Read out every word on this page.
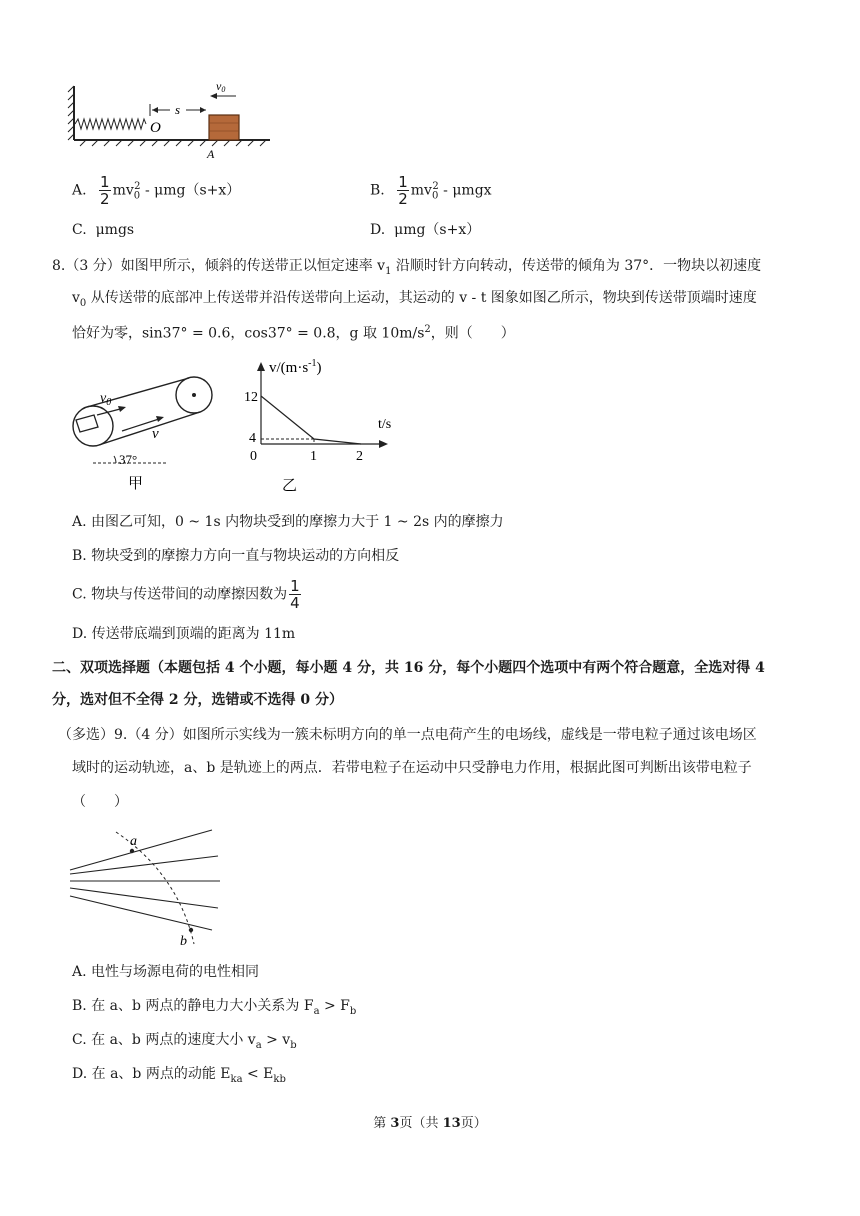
s
O
v0
A
A. $\frac{1}{2} mv_0^2 - \mu mg(s+x)$	B. $\frac{1}{2} mv_0^2$ - μmgx
C. μmgs	D. μmg（s+x）
8.（3 分）如图甲所示，倾斜的传送带正以恒定速率 $v_1$ 沿顺时针方向转动，传送带的倾角为 37°．一物块以初速度
$v_0$ 从传送带的底部冲上传送带并沿传送带向上运动，其运动的 v - t 图象如图乙所示，物块到传送带顶端时速度
恰好为零，sin37° = 0.6，cos37° = 0.8，g 取 $10m/s^2$，则（　　）
$v_0$
v
37°
甲
$v/(m\cdot s^{-1})$
12
4
0	1	2
t/s
乙
A. 由图乙可知，0 ~ 1s 内物块受到的摩擦力大于 1 ~ 2s 内的摩擦力
B. 物块受到的摩擦力方向一直与物块运动的方向相反
C. 物块与传送带间的动摩擦因数为 $\frac{1}{4}$
D. 传送带底端到顶端的距离为 11m
二、双项选择题（本题包括 4 个小题，每小题 4 分，共 16 分，每个小题四个选项中有两个符合题意，全选对得 4
分，选对但不全得 2 分，选错或不选得 0 分）
（多选）9.（4 分）如图所示实线为一簇未标明方向的单一点电荷产生的电场线，虚线是一带电粒子通过该电场区
域时的运动轨迹，a、b 是轨迹上的两点．若带电粒子在运动中只受静电力作用，根据此图可判断出该带电粒子
（　　）
a
b
A. 电性与场源电荷的电性相同
B. 在 a、b 两点的静电力大小关系为 $F_a > F_b$
C. 在 a、b 两点的速度大小 $v_a > v_b$
D. 在 a、b 两点的动能 $E_{ka} < E_{kb}$
第 3页（共 13页）
